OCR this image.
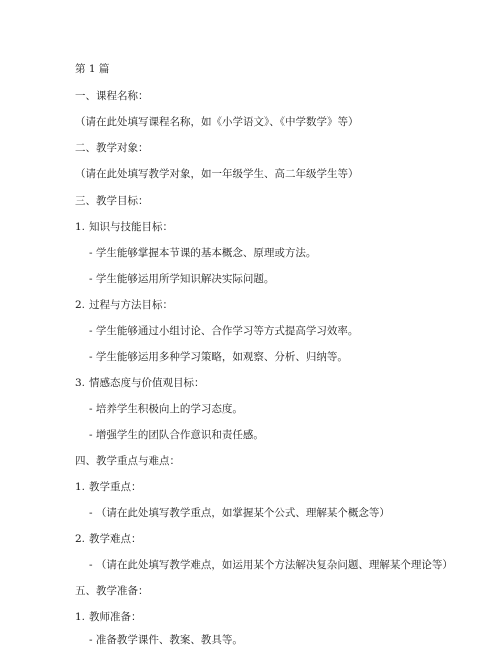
第 1 篇
一、课程名称：
（请在此处填写课程名称，如《小学语文》、《中学数学》等）
二、教学对象：
（请在此处填写教学对象，如一年级学生、高二年级学生等）
三、教学目标：
1. 知识与技能目标：
- 学生能够掌握本节课的基本概念、原理或方法。
- 学生能够运用所学知识解决实际问题。
2. 过程与方法目标：
- 学生能够通过小组讨论、合作学习等方式提高学习效率。
- 学生能够运用多种学习策略，如观察、分析、归纳等。
3. 情感态度与价值观目标：
- 培养学生积极向上的学习态度。
- 增强学生的团队合作意识和责任感。
四、教学重点与难点：
1. 教学重点：
- （请在此处填写教学重点，如掌握某个公式、理解某个概念等）
2. 教学难点：
- （请在此处填写教学难点，如运用某个方法解决复杂问题、理解某个理论等）
五、教学准备：
1. 教师准备：
- 准备教学课件、教案、教具等。
